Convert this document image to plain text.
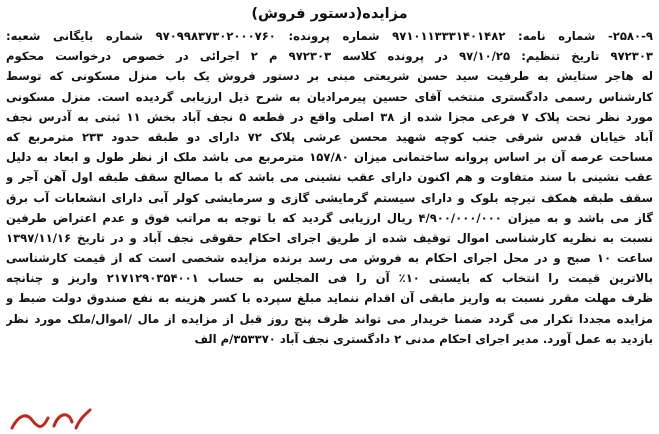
مزایده(دستور فروش)
۲۵۸۰-۹- شماره نامه: ۹۷۱۰۱۱۳۳۳۱۴۰۱۴۸۲ شماره پرونده: ۹۷۰۹۹۸۳۷۳۰۲۰۰۰۷۶۰ شماره بایگانی شعبه:
۹۷۲۳۰۳ تاریخ تنظیم: ۹۷/۱۰/۲۵ در پرونده کلاسه ۹۷۲۳۰۳ م ۲ اجرائی در خصوص درخواست محکوم
له هاجر ستایش به طرفیت سید حسن شریعتی مبنی بر دستور فروش یک باب منزل مسکونی که توسط
کارشناس رسمی دادگستری منتخب آقای حسین پیرمرادیان به شرح ذیل ارزیابی گردیده است. منزل مسکونی
مورد نظر تحت پلاک ۷ فرعی مجزا شده از ۳۸ اصلی واقع در قطعه ۵ نجف آباد بخش ۱۱ ثبتی به آدرس نجف
آباد خیابان قدس شرقی جنب کوچه شهید محسن عرشی پلاک ۷۲ دارای دو طبقه حدود ۲۳۳ مترمربع که
مساحت عرصه آن بر اساس پروانه ساختمانی میزان ۱۵۷/۸۰ مترمربع می باشد ملک از نظر طول و ابعاد به دلیل
عقب نشینی با سند متفاوت و هم اکنون دارای عقب نشینی می باشد که با مصالح سقف طبقه اول آهن آجر و
سقف طبقه همکف تیرچه بلوک و دارای سیستم گرمایشی گازی و سرمایشی کولر آبی دارای انشعابات آب برق
گاز می باشد و به میزان ۴/۹۰۰/۰۰۰/۰۰۰ ریال ارزیابی گردید که با توجه به مراتب فوق و عدم اعتراض طرفین
نسبت به نظریه کارشناسی اموال توقیف شده از طریق اجرای احکام حقوقی نجف آباد و در تاریخ ۱۳۹۷/۱۱/۱۶
ساعت ۱۰ صبح و در محل اجرای احکام به فروش می رسد برنده مزایده شخصی است که از قیمت کارشناسی
بالاترین قیمت را انتخاب که بایستی ۱۰٪ آن را فی المجلس به حساب ۲۱۷۱۲۹۰۳۵۴۰۰۱ واریز و چنانچه
ظرف مهلت مقرر نسبت به واریز مابقی آن اقدام ننماید مبلغ سپرده با کسر هزینه به نفع صندوق دولت ضبط و
مزایده مجددا تکرار می گردد ضمنا خریدار می تواند ظرف پنج روز قبل از مزایده از مال /اموال/ملک مورد نظر
بازدید به عمل آورد. مدیر اجرای احکام مدنی ۲ دادگستری نجف آباد ۳۵۳۳۷۰/م الف
